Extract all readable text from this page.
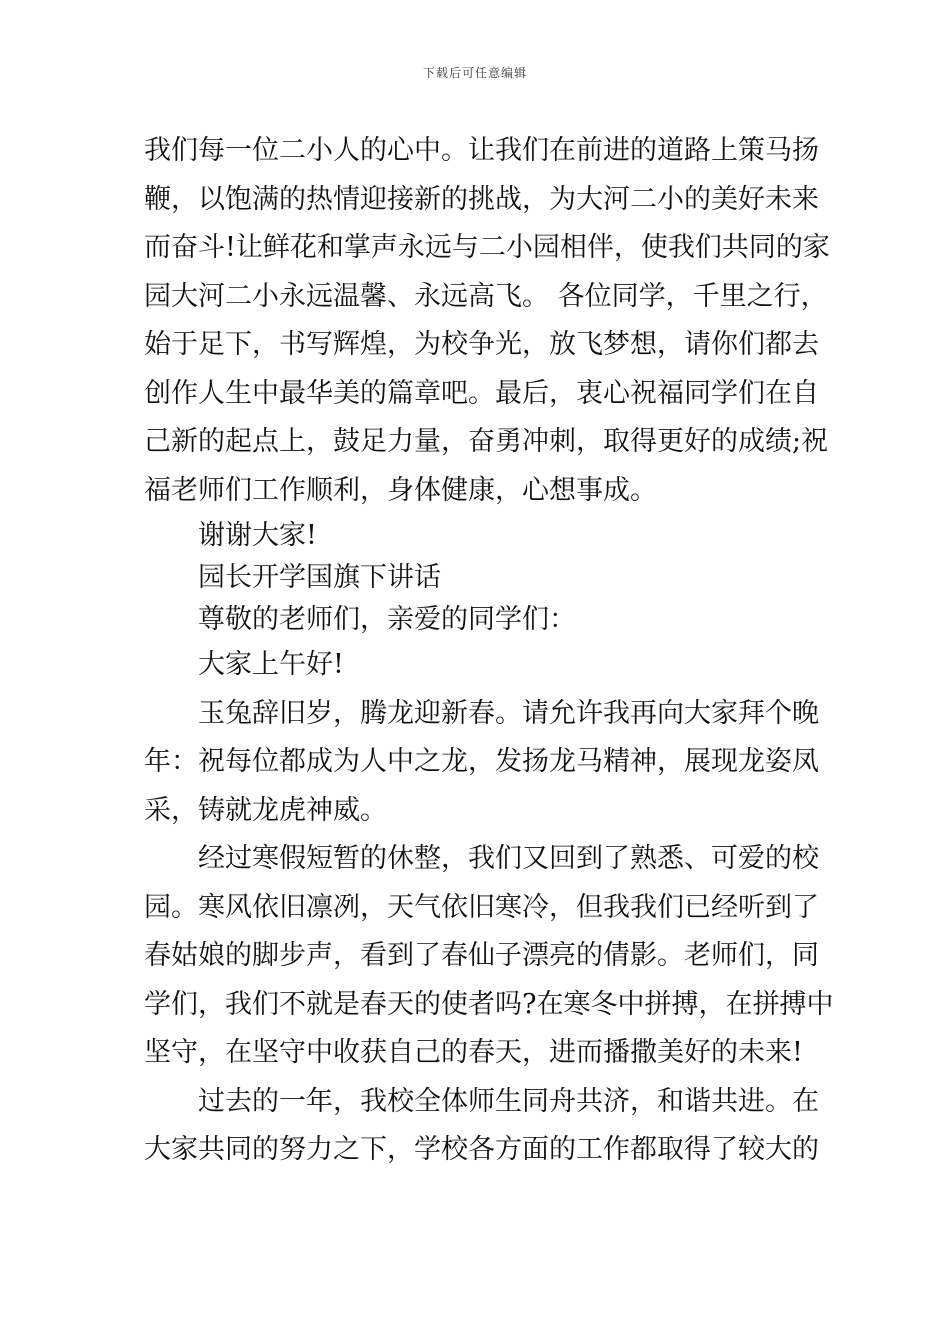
下载后可任意编辑
我们每一位二小人的心中。让我们在前进的道路上策马扬
鞭，以饱满的热情迎接新的挑战，为大河二小的美好未来
而奋斗!让鲜花和掌声永远与二小园相伴，使我们共同的家
园大河二小永远温馨、永远高飞。 各位同学，千里之行，
始于足下，书写辉煌，为校争光，放飞梦想，请你们都去
创作人生中最华美的篇章吧。最后，衷心祝福同学们在自
己新的起点上，鼓足力量，奋勇冲刺，取得更好的成绩;祝
福老师们工作顺利，身体健康，心想事成。
谢谢大家!
园长开学国旗下讲话
尊敬的老师们，亲爱的同学们：
大家上午好!
玉兔辞旧岁，腾龙迎新春。请允许我再向大家拜个晚
年：祝每位都成为人中之龙，发扬龙马精神，展现龙姿凤
采，铸就龙虎神威。
经过寒假短暂的休整，我们又回到了熟悉、可爱的校
园。寒风依旧凛冽，天气依旧寒冷，但我我们已经听到了
春姑娘的脚步声，看到了春仙子漂亮的倩影。老师们，同
学们，我们不就是春天的使者吗?在寒冬中拼搏，在拼搏中
坚守，在坚守中收获自己的春天，进而播撒美好的未来!
过去的一年，我校全体师生同舟共济，和谐共进。在
大家共同的努力之下，学校各方面的工作都取得了较大的
